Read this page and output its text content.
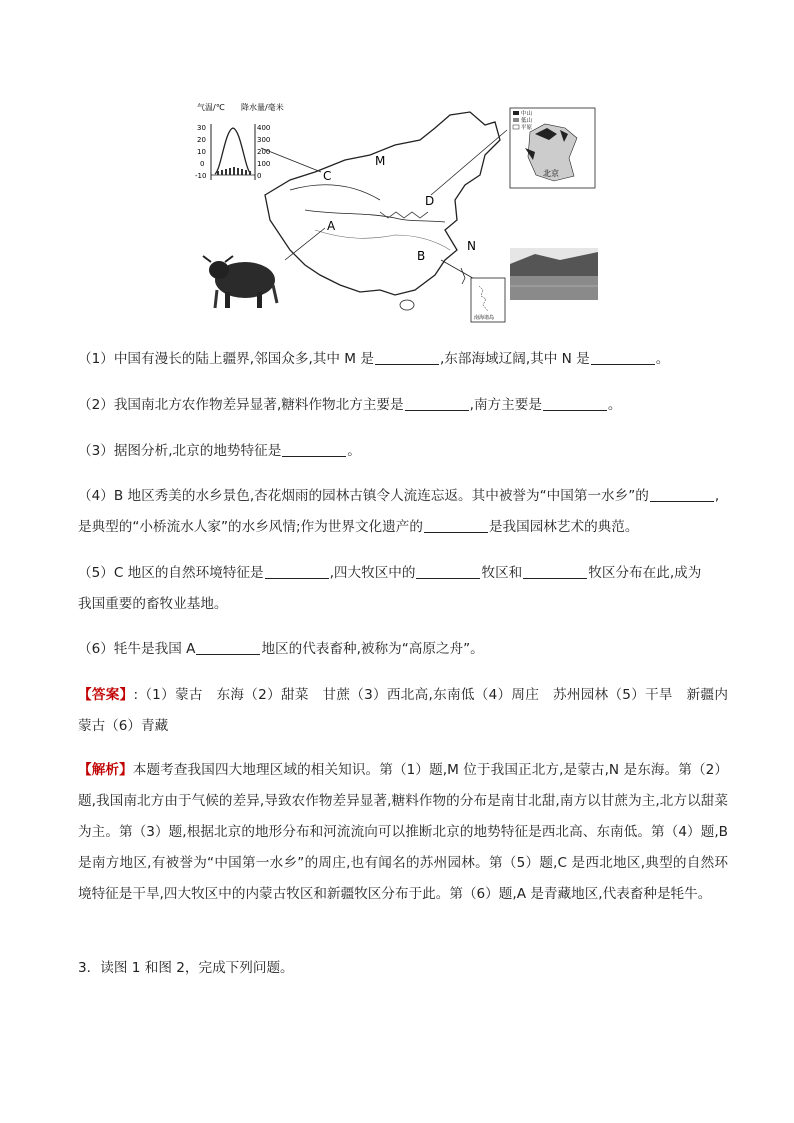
气温/℃ 降水量/毫米
30
20
10
0
-10
400
300
200
100
0
M
C
D
A
B
N
中山
低山
平原
北京
南海诸岛
（1）中国有漫长的陆上疆界,邻国众多,其中 M 是	,东部海域辽阔,其中 N 是	。
（2）我国南北方农作物差异显著,糖料作物北方主要是	,南方主要是	。
（3）据图分析,北京的地势特征是	。
（4）B 地区秀美的水乡景色,杏花烟雨的园林古镇令人流连忘返。其中被誉为“中国第一水乡”的	,
是典型的“小桥流水人家”的水乡风情;作为世界文化遗产的	是我国园林艺术的典范。
（5）C 地区的自然环境特征是	,四大牧区中的	牧区和	牧区分布在此,成为
我国重要的畜牧业基地。
（6）牦牛是我国 A	地区的代表畜种,被称为“高原之舟”。
【答案】:（1）蒙古　东海（2）甜菜　甘蔗（3）西北高,东南低（4）周庄　苏州园林（5）干旱　新疆内蒙古（6）青藏
【解析】本题考查我国四大地理区域的相关知识。第（1）题,M 位于我国正北方,是蒙古,N 是东海。第（2）题,我国南北方由于气候的差异,导致农作物差异显著,糖料作物的分布是南甘北甜,南方以甘蔗为主,北方以甜菜为主。第（3）题,根据北京的地形分布和河流流向可以推断北京的地势特征是西北高、东南低。第（4）题,B 是南方地区,有被誉为“中国第一水乡”的周庄,也有闻名的苏州园林。第（5）题,C 是西北地区,典型的自然环境特征是干旱,四大牧区中的内蒙古牧区和新疆牧区分布于此。第（6）题,A 是青藏地区,代表畜种是牦牛。
3．读图 1 和图 2，完成下列问题。
